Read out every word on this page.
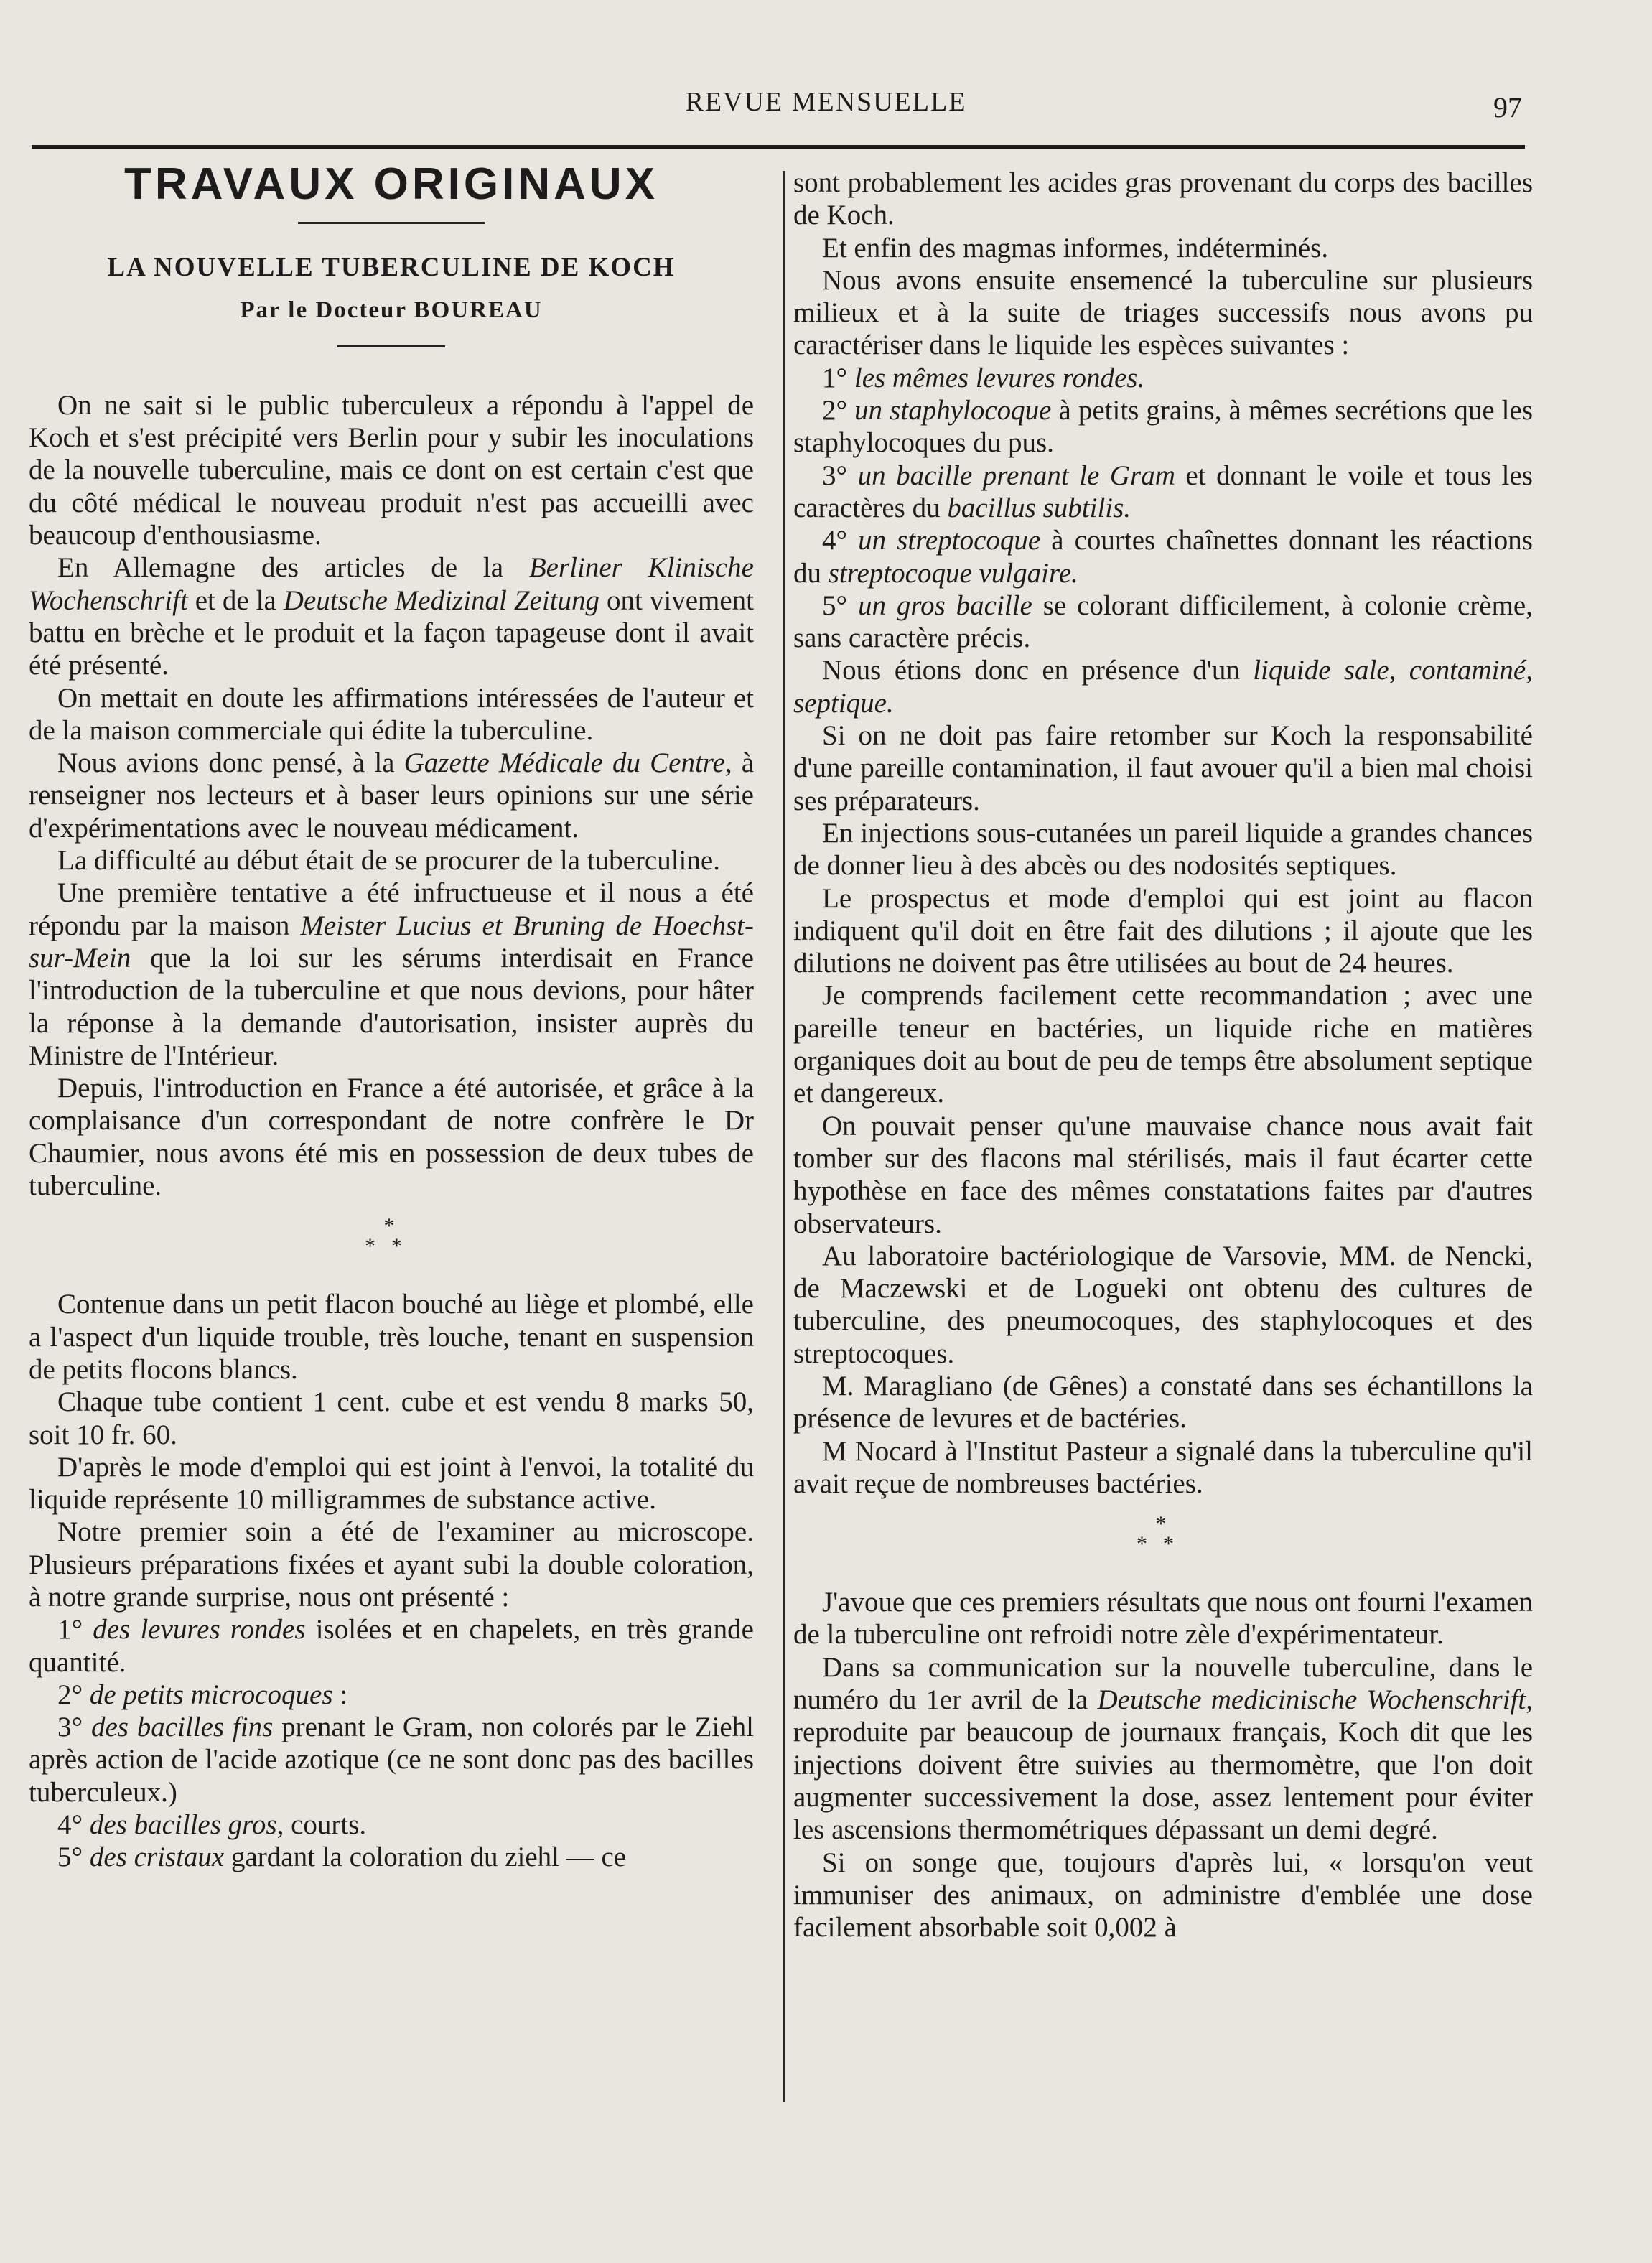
REVUE MENSUELLE	97
TRAVAUX ORIGINAUX
LA NOUVELLE TUBERCULINE DE KOCH
Par le Docteur BOUREAU

On ne sait si le public tuberculeux a répondu à l'appel de Koch et s'est précipité vers Berlin pour y subir les inoculations de la nouvelle tuberculine, mais ce dont on est certain c'est que du côté médical le nouveau produit n'est pas accueilli avec beaucoup d'enthousiasme.

En Allemagne des articles de la Berliner Klinische Wochenschrift et de la Deutsche Medizinal Zeitung ont vivement battu en brèche et le produit et la façon tapageuse dont il avait été présenté.

On mettait en doute les affirmations intéressées de l'auteur et de la maison commerciale qui édite la tuberculine.

Nous avions donc pensé, à la Gazette Médicale du Centre, à renseigner nos lecteurs et à baser leurs opinions sur une série d'expérimentations avec le nouveau médicament.

La difficulté au début était de se procurer de la tuberculine.

Une première tentative a été infructueuse et il nous a été répondu par la maison Meister Lucius et Bruning de Hoechst-sur-Mein que la loi sur les sérums interdisait en France l'introduction de la tuberculine et que nous devions, pour hâter la réponse à la demande d'autorisation, insister auprès du Ministre de l'Intérieur.

Depuis, l'introduction en France a été autorisée, et grâce à la complaisance d'un correspondant de notre confrère le Dr Chaumier, nous avons été mis en possession de deux tubes de tuberculine.

*
**

Contenue dans un petit flacon bouché au liège et plombé, elle a l'aspect d'un liquide trouble, très louche, tenant en suspension de petits flocons blancs.

Chaque tube contient 1 cent. cube et est vendu 8 marks 50, soit 10 fr. 60.

D'après le mode d'emploi qui est joint à l'envoi, la totalité du liquide représente 10 milligrammes de substance active.

Notre premier soin a été de l'examiner au microscope. Plusieurs préparations fixées et ayant subi la double coloration, à notre grande surprise, nous ont présenté :

1° des levures rondes isolées et en chapelets, en très grande quantité.

2° de petits microcoques :

3° des bacilles fins prenant le Gram, non colorés par le Ziehl après action de l'acide azotique (ce ne sont donc pas des bacilles tuberculeux.)

4° des bacilles gros, courts.

5° des cristaux gardant la coloration du ziehl — ce

sont probablement les acides gras provenant du corps des bacilles de Koch.

Et enfin des magmas informes, indéterminés.

Nous avons ensuite ensemencé la tuberculine sur plusieurs milieux et à la suite de triages successifs nous avons pu caractériser dans le liquide les espèces suivantes :

1° les mêmes levures rondes.

2° un staphylocoque à petits grains, à mêmes secrétions que les staphylocoques du pus.

3° un bacille prenant le Gram et donnant le voile et tous les caractères du bacillus subtilis.

4° un streptocoque à courtes chaînettes donnant les réactions du streptocoque vulgaire.

5° un gros bacille se colorant difficilement, à colonie crème, sans caractère précis.

Nous étions donc en présence d'un liquide sale, contaminé, septique.

Si on ne doit pas faire retomber sur Koch la responsabilité d'une pareille contamination, il faut avouer qu'il a bien mal choisi ses préparateurs.

En injections sous-cutanées un pareil liquide a grandes chances de donner lieu à des abcès ou des nodosités septiques.

Le prospectus et mode d'emploi qui est joint au flacon indiquent qu'il doit en être fait des dilutions ; il ajoute que les dilutions ne doivent pas être utilisées au bout de 24 heures.

Je comprends facilement cette recommandation ; avec une pareille teneur en bactéries, un liquide riche en matières organiques doit au bout de peu de temps être absolument septique et dangereux.

On pouvait penser qu'une mauvaise chance nous avait fait tomber sur des flacons mal stérilisés, mais il faut écarter cette hypothèse en face des mêmes constatations faites par d'autres observateurs.

Au laboratoire bactériologique de Varsovie, MM. de Nencki, de Maczewski et de Logueki ont obtenu des cultures de tuberculine, des pneumocoques, des staphylocoques et des streptocoques.

M. Maragliano (de Gênes) a constaté dans ses échantillons la présence de levures et de bactéries.

M Nocard à l'Institut Pasteur a signalé dans la tuberculine qu'il avait reçue de nombreuses bactéries.

*
**

J'avoue que ces premiers résultats que nous ont fourni l'examen de la tuberculine ont refroidi notre zèle d'expérimentateur.

Dans sa communication sur la nouvelle tuberculine, dans le numéro du 1er avril de la Deutsche medicinische Wochenschrift, reproduite par beaucoup de journaux français, Koch dit que les injections doivent être suivies au thermomètre, que l'on doit augmenter successivement la dose, assez lentement pour éviter les ascensions thermométriques dépassant un demi degré.

Si on songe que, toujours d'après lui, « lorsqu'on veut immuniser des animaux, on administre d'emblée une dose facilement absorbable soit 0,002 à
